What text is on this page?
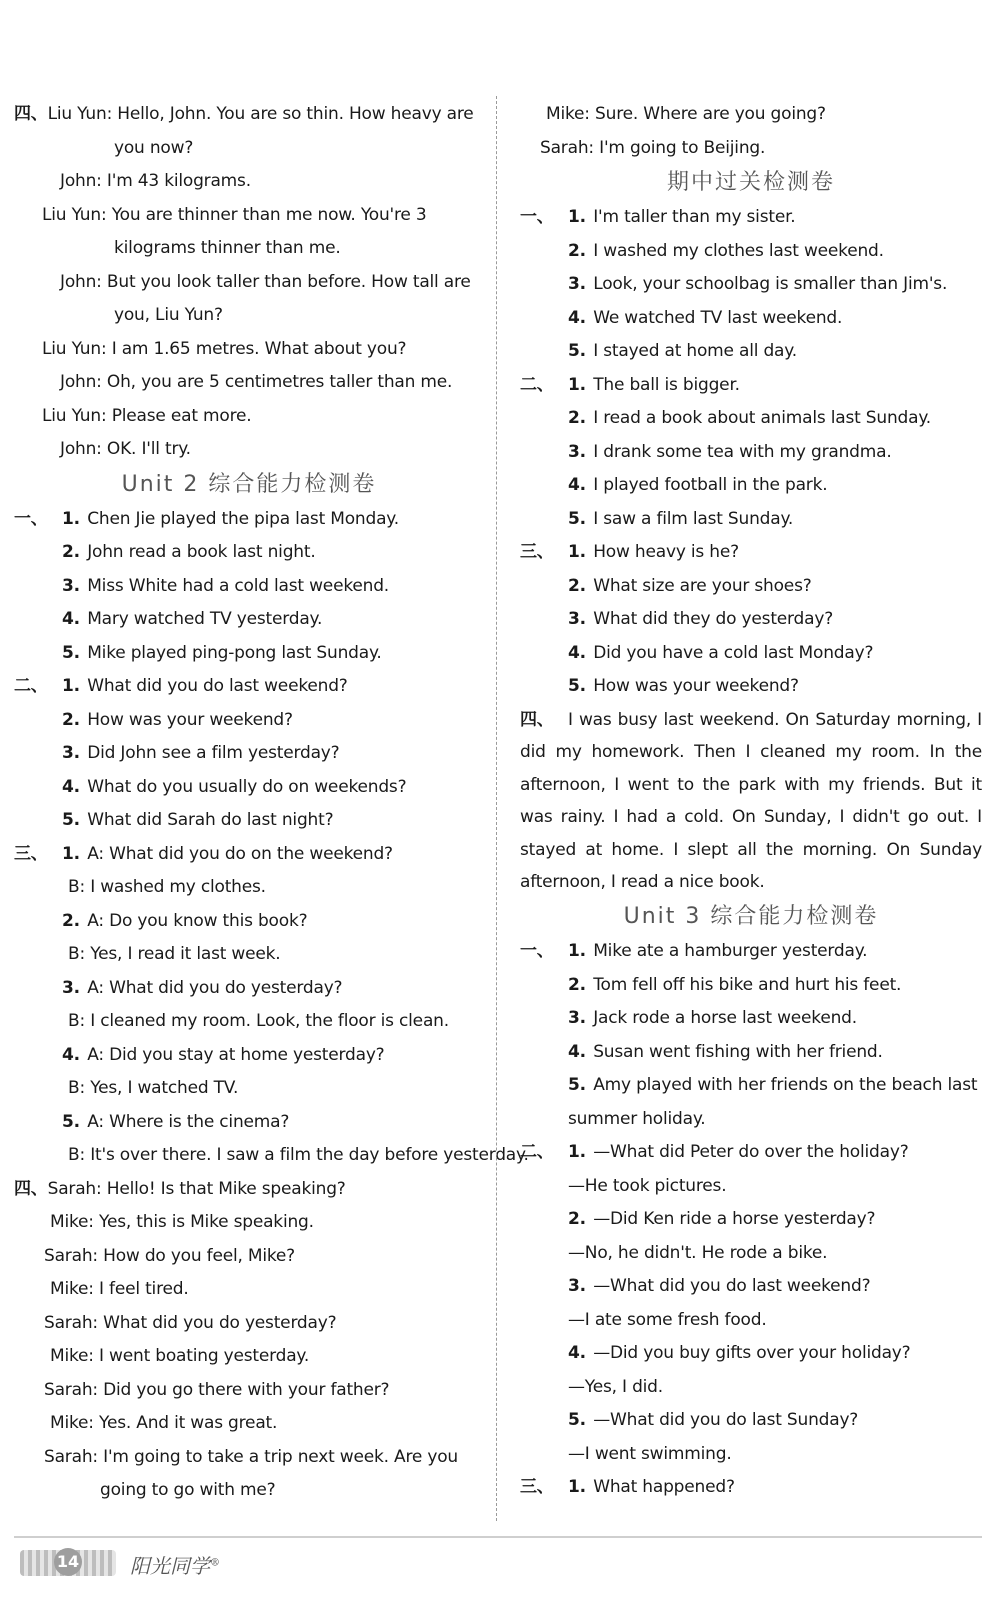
四、Liu Yun: Hello, John. You are so thin. How heavy are
you now?
John: I'm 43 kilograms.
Liu Yun: You are thinner than me now. You're 3
kilograms thinner than me.
John: But you look taller than before. How tall are
you, Liu Yun?
Liu Yun: I am 1.65 metres. What about you?
John: Oh, you are 5 centimetres taller than me.
Liu Yun: Please eat more.
John: OK. I'll try.
Unit 2 综合能力检测卷
一、 1. Chen Jie played the pipa last Monday.
2. John read a book last night.
3. Miss White had a cold last weekend.
4. Mary watched TV yesterday.
5. Mike played ping-pong last Sunday.
二、 1. What did you do last weekend?
2. How was your weekend?
3. Did John see a film yesterday?
4. What do you usually do on weekends?
5. What did Sarah do last night?
三、 1. A: What did you do on the weekend?
B: I washed my clothes.
2. A: Do you know this book?
B: Yes, I read it last week.
3. A: What did you do yesterday?
B: I cleaned my room. Look, the floor is clean.
4. A: Did you stay at home yesterday?
B: Yes, I watched TV.
5. A: Where is the cinema?
B: It's over there. I saw a film the day before yesterday.
四、Sarah: Hello! Is that Mike speaking?
Mike: Yes, this is Mike speaking.
Sarah: How do you feel, Mike?
Mike: I feel tired.
Sarah: What did you do yesterday?
Mike: I went boating yesterday.
Sarah: Did you go there with your father?
Mike: Yes. And it was great.
Sarah: I'm going to take a trip next week. Are you
going to go with me?
Mike: Sure. Where are you going?
Sarah: I'm going to Beijing.
期中过关检测卷
一、 1. I'm taller than my sister.
2. I washed my clothes last weekend.
3. Look, your schoolbag is smaller than Jim's.
4. We watched TV last weekend.
5. I stayed at home all day.
二、 1. The ball is bigger.
2. I read a book about animals last Sunday.
3. I drank some tea with my grandma.
4. I played football in the park.
5. I saw a film last Sunday.
三、 1. How heavy is he?
2. What size are your shoes?
3. What did they do yesterday?
4. Did you have a cold last Monday?
5. How was your weekend?
四、 I was busy last weekend. On Saturday morning, I did my homework. Then I cleaned my room. In the afternoon, I went to the park with my friends. But it was rainy. I had a cold. On Sunday, I didn't go out. I stayed at home. I slept all the morning. On Sunday afternoon, I read a nice book.
Unit 3 综合能力检测卷
一、 1. Mike ate a hamburger yesterday.
2. Tom fell off his bike and hurt his feet.
3. Jack rode a horse last weekend.
4. Susan went fishing with her friend.
5. Amy played with her friends on the beach last
summer holiday.
二、 1. —What did Peter do over the holiday?
—He took pictures.
2. —Did Ken ride a horse yesterday?
—No, he didn't. He rode a bike.
3. —What did you do last weekend?
—I ate some fresh food.
4. —Did you buy gifts over your holiday?
—Yes, I did.
5. —What did you do last Sunday?
—I went swimming.
三、 1. What happened?
14	阳光同学®
